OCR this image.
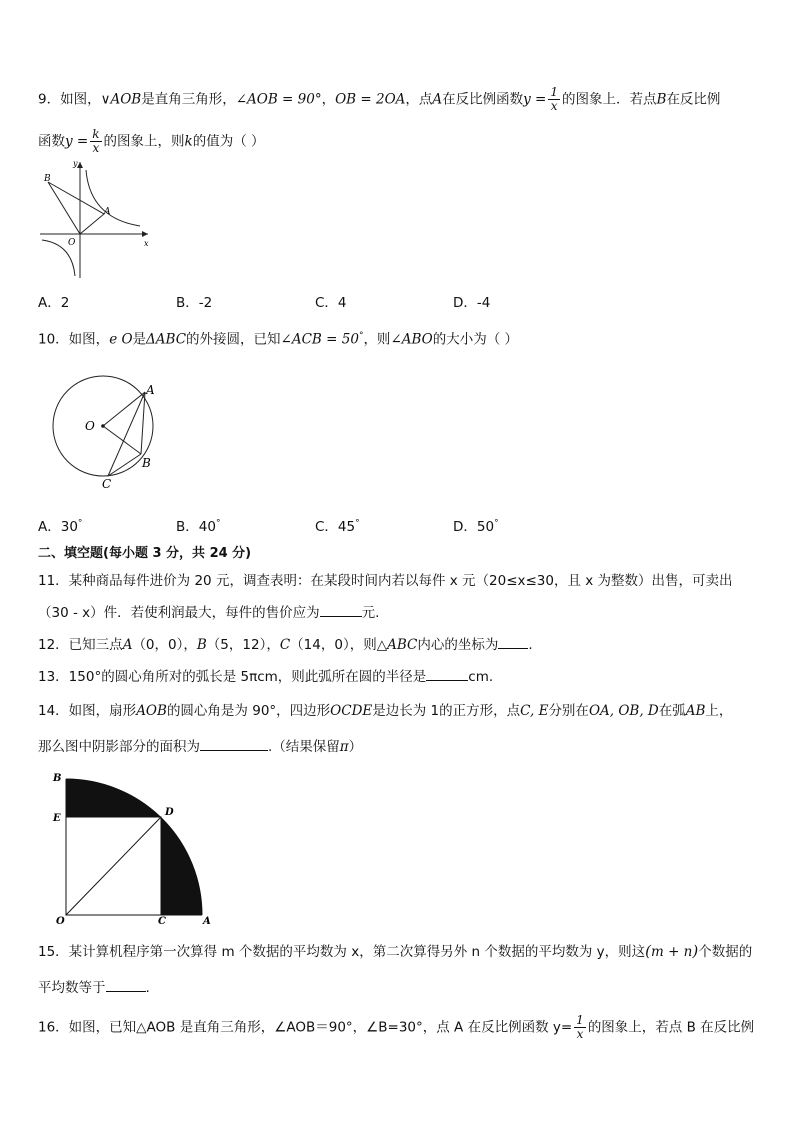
9．如图，∨AOB是直角三角形，∠AOB = 90°，OB = 2OA，点A在反比例函数$y = \frac{1}{x}$ 的图象上．若点B在反比例
函数$y = \frac{k}{x}$ 的图象上，则k的值为（ ）
B
A
O	x
y
A．2	B．-2	C．4	D．-4
10．如图，e O是ΔABC的外接圆，已知∠ACB = 50°，则∠ABO的大小为（ ）
A
O
B
C
A．30°	B．40°	C．45°	D．50°
二、填空题(每小题 3 分，共 24 分)
11．某种商品每件进价为 20 元，调查表明：在某段时间内若以每件 x 元（20≤x≤30，且 x 为整数）出售，可卖出
（30 - x）件．若使利润最大，每件的售价应为	元.
12．已知三点A（0，0），B（5，12），C（14，0），则△ABC内心的坐标为 .
13．150°的圆心角所对的弧长是 5πcm，则此弧所在圆的半径是	cm.
14．如图，扇形AOB的圆心角是为 90°，四边形OCDE是边长为 1的正方形，点C, E分别在OA, OB, D在弧AB上，
那么图中阴影部分的面积为	.（结果保留π）
B
E
D
O	C	A
15．某计算机程序第一次算得 m 个数据的平均数为 x，第二次算得另外 n 个数据的平均数为 y，则这(m + n)个数据的
平均数等于	.
16．如图，已知△AOB 是直角三角形，∠AOB＝90°，∠B=30°，点 A 在反比例函数 $y= \frac{1}{x}$ 的图象上，若点 B 在反比例
